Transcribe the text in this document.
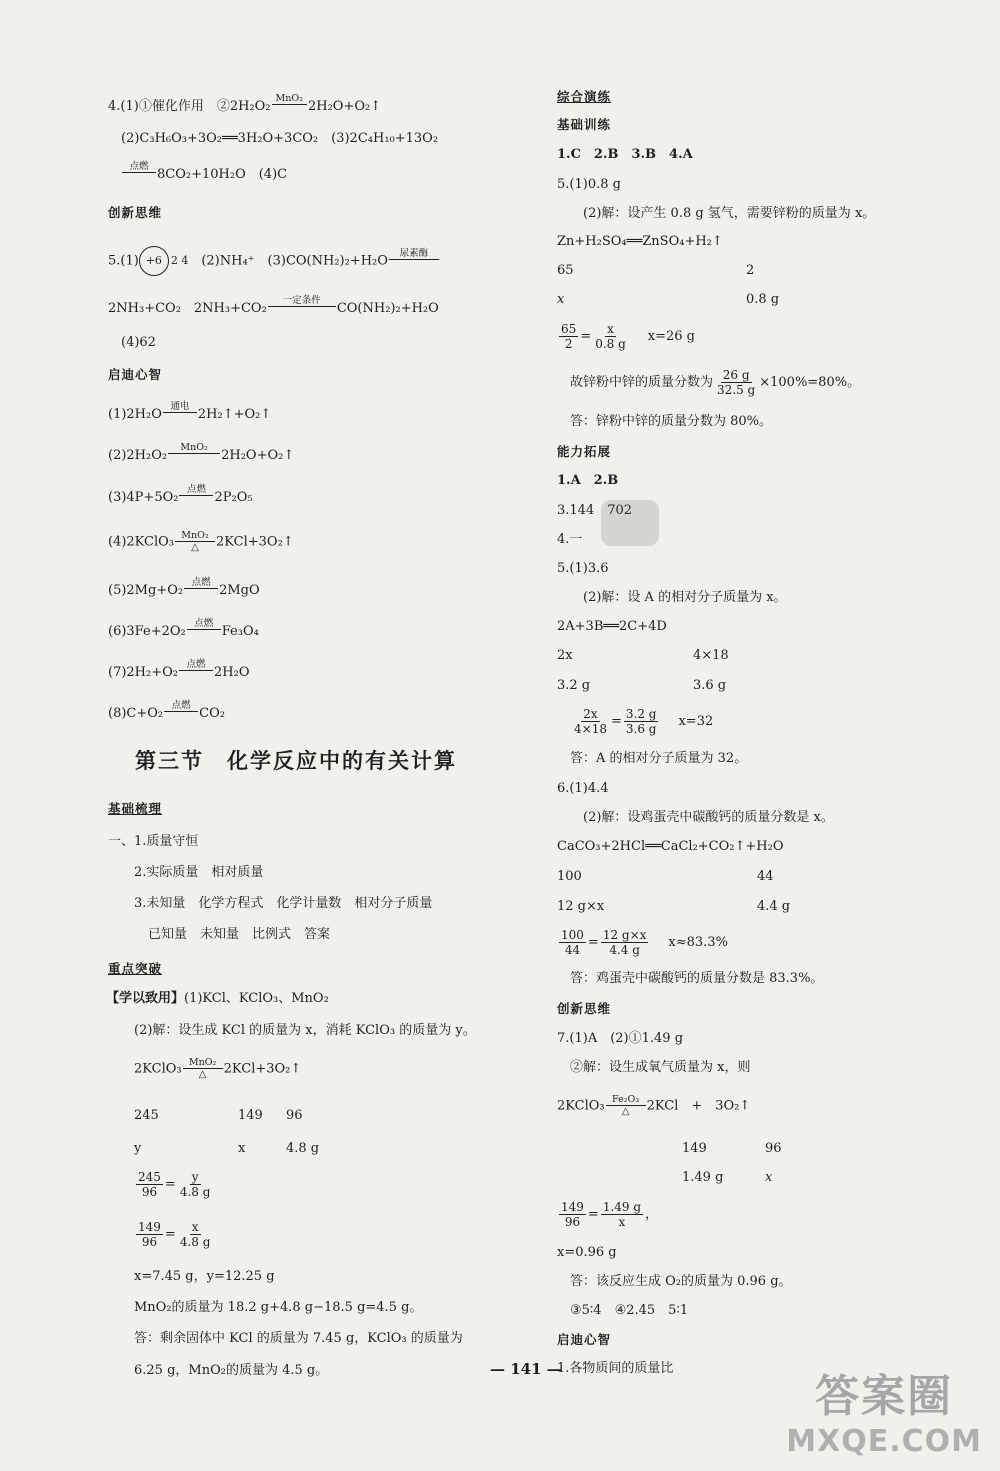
4.(1)①催化作用　②2H₂O₂
MnO₂
2H₂O+O₂↑
(2)C₃H₆O₃+3O₂══3H₂O+3CO₂　(3)2C₄H₁₀+13O₂
点燃
8CO₂+10H₂O　(4)C
创新思维
5.(1) +6 2 4 　(2)NH₄⁺　(3)CO(NH₂)₂+H₂O
尿素酶
2NH₃+CO₂　2NH₃+CO₂
一定条件
CO(NH₂)₂+H₂O
(4)62
启迪心智
(1)2H₂O
通电
2H₂↑+O₂↑
(2)2H₂O₂
MnO₂
2H₂O+O₂↑
(3)4P+5O₂
点燃
2P₂O₅
(4)2KClO₃ MnO₂
△ 2KCl+3O₂↑
(5)2Mg+O₂
点燃
2MgO
(6)3Fe+2O₂
点燃
Fe₃O₄
(7)2H₂+O₂
点燃
2H₂O
(8)C+O₂
点燃
CO₂
第三节　化学反应中的有关计算
基础梳理
一、1.质量守恒
2.实际质量　相对质量
3.未知量　化学方程式　化学计量数　相对分子质量
已知量　未知量　比例式　答案
重点突破
【学以致用】(1)KCl、KClO₃、MnO₂
(2)解：设生成 KCl 的质量为 x，消耗 KClO₃ 的质量为 y。
2KClO₃ MnO₂
△ 2KCl+3O₂↑
245	149 96
y	x	4.8 g
$\frac{245}{96} = \frac{y}{4.8 g}$
$\frac{149}{96} = \frac{x}{4.8 g}$
x=7.45 g，y=12.25 g
MnO₂的质量为 18.2 g+4.8 g−18.5 g=4.5 g。
答：剩余固体中 KCl 的质量为 7.45 g，KClO₃ 的质量为
6.25 g，MnO₂的质量为 4.5 g。
综合演练
基础训练
1.C　2.B　3.B　4.A
5.(1)0.8 g
(2)解：设产生 0.8 g 氢气，需要锌粉的质量为 x。
Zn+H₂SO₄══ZnSO₄+H₂↑
65	2
x	0.8 g
$\frac{65}{2} = \frac{x}{0.8 g} x=26$ g
故锌粉中锌的质量分数为 $\frac{26 g}{32.5 g} \times 100\%=80\%$。
答：锌粉中锌的质量分数为 80%。
能力拓展
1.A　2.B
3.144　702
4.一
5.(1)3.6
(2)解：设 A 的相对分子质量为 x。
2A+3B══2C+4D
2x	4×18
3.2 g	3.6 g
$\frac{2x}{4\times 18} = \frac{3.2 g}{3.6 g} x=32$
答：A 的相对分子质量为 32。
6.(1)4.4
(2)解：设鸡蛋壳中碳酸钙的质量分数是 x。
CaCO₃+2HCl══CaCl₂+CO₂↑+H₂O
100	44
12 g×x	4.4 g
$\frac{100}{44} = \frac{12 g\times x}{4.4 g} x\approx 83.3\%$
答：鸡蛋壳中碳酸钙的质量分数是 83.3%。
创新思维
7.(1)A　(2)①1.49 g
②解：设生成氧气质量为 x，则
2KClO₃ Fe₂O₃
△ 2KCl　+　3O₂↑
149	96
1.49 g	x
$\frac{149}{96} = \frac{1.49 g}{x}$ ，
x=0.96 g
答：该反应生成 O₂的质量为 0.96 g。
③5∶4　④2.45　5∶1
启迪心智
1.各物质间的质量比
— 141 —
答案圈
MXQE.COM
